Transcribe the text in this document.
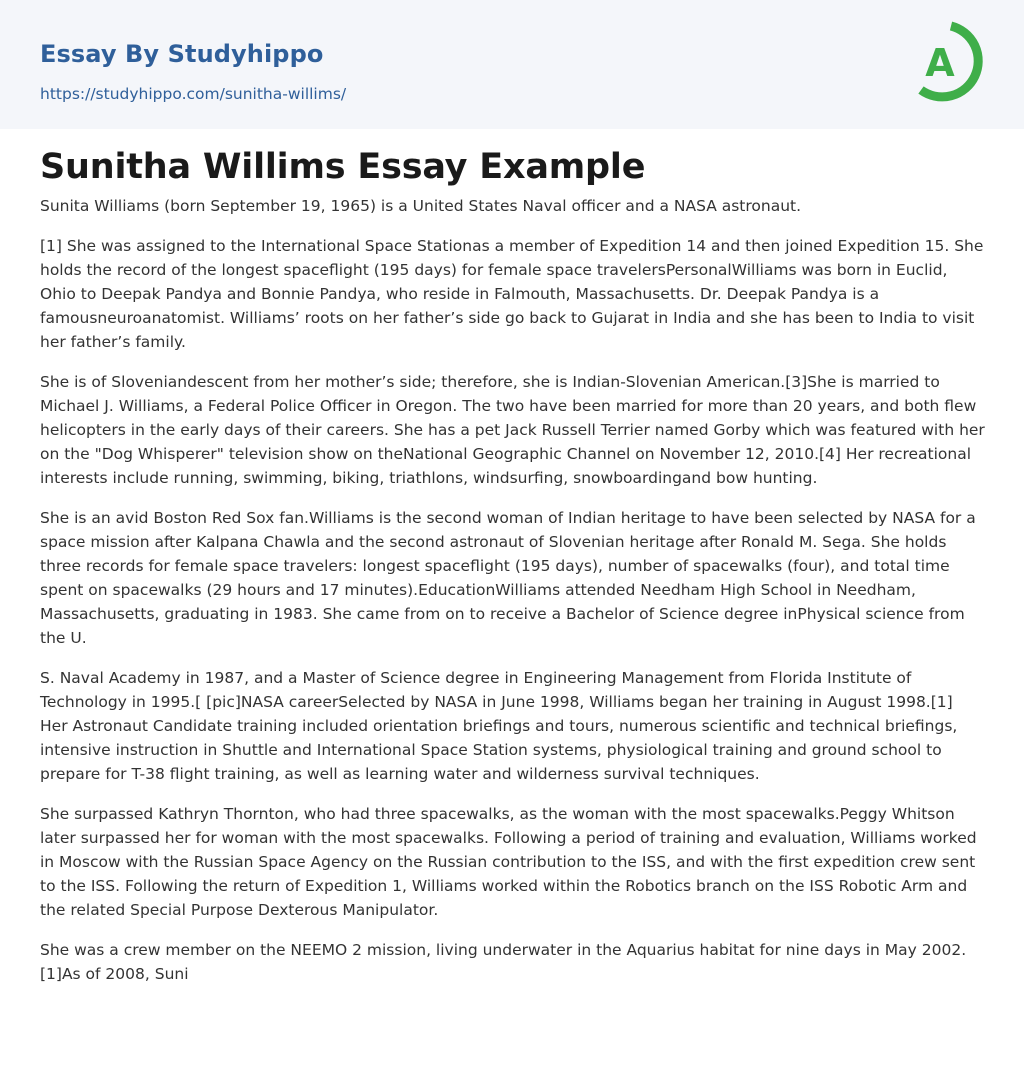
Essay By Studyhippo
https://studyhippo.com/sunitha-willims/
A
Sunitha Willims Essay Example

Sunita Williams (born September 19, 1965) is a United States Naval officer and a NASA astronaut.

[1] She was assigned to the International Space Stationas a member of Expedition 14 and then joined Expedition 15. She holds the record of the longest spaceflight (195 days) for female space travelersPersonalWilliams was born in Euclid, Ohio to Deepak Pandya and Bonnie Pandya, who reside in Falmouth, Massachusetts. Dr. Deepak Pandya is a famousneuroanatomist. Williams’ roots on her father’s side go back to Gujarat in India and she has been to India to visit her father’s family.

She is of Sloveniandescent from her mother’s side; therefore, she is Indian-Slovenian American.[3]She is married to Michael J. Williams, a Federal Police Officer in Oregon. The two have been married for more than 20 years, and both flew helicopters in the early days of their careers. She has a pet Jack Russell Terrier named Gorby which was featured with her on the "Dog Whisperer" television show on theNational Geographic Channel on November 12, 2010.[4] Her recreational interests include running, swimming, biking, triathlons, windsurfing, snowboardingand bow hunting.

She is an avid Boston Red Sox fan.Williams is the second woman of Indian heritage to have been selected by NASA for a space mission after Kalpana Chawla and the second astronaut of Slovenian heritage after Ronald M. Sega. She holds three records for female space travelers: longest spaceflight (195 days), number of spacewalks (four), and total time spent on spacewalks (29 hours and 17 minutes).EducationWilliams attended Needham High School in Needham, Massachusetts, graduating in 1983. She came from on to receive a Bachelor of Science degree inPhysical science from the U.

S. Naval Academy in 1987, and a Master of Science degree in Engineering Management from Florida Institute of Technology in 1995.[ [pic]NASA careerSelected by NASA in June 1998, Williams began her training in August 1998.[1] Her Astronaut Candidate training included orientation briefings and tours, numerous scientific and technical briefings, intensive instruction in Shuttle and International Space Station systems, physiological training and ground school to prepare for T-38 flight training, as well as learning water and wilderness survival techniques.

She surpassed Kathryn Thornton, who had three spacewalks, as the woman with the most spacewalks.Peggy Whitson later surpassed her for woman with the most spacewalks. Following a period of training and evaluation, Williams worked in Moscow with the Russian Space Agency on the Russian contribution to the ISS, and with the first expedition crew sent to the ISS. Following the return of Expedition 1, Williams worked within the Robotics branch on the ISS Robotic Arm and the related Special Purpose Dexterous Manipulator.

She was a crew member on the NEEMO 2 mission, living underwater in the Aquarius habitat for nine days in May 2002.[1]As of 2008, Suni
